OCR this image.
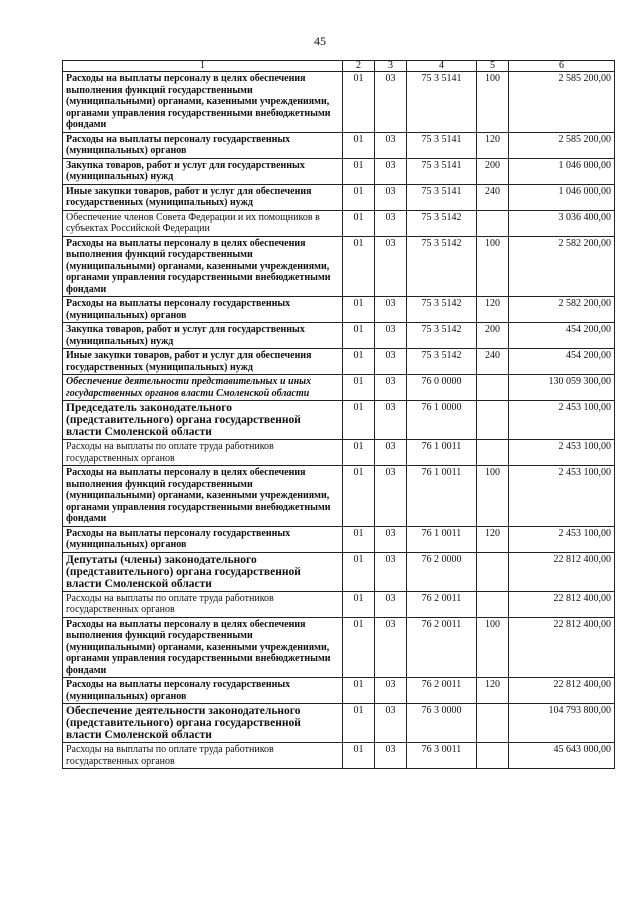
45
1	2	3	4	5	6
Расходы на выплаты персоналу в целях обеспечения выполнения функций государственными (муниципальными) органами, казенными учреждениями, органами управления государственными внебюджетными фондами	01	03	75 3 5141	100	2 585 200,00
Расходы на выплаты персоналу государственных (муниципальных) органов	01	03	75 3 5141	120	2 585 200,00
Закупка товаров, работ и услуг для государственных (муниципальных) нужд	01	03	75 3 5141	200	1 046 000,00
Иные закупки товаров, работ и услуг для обеспечения государственных (муниципальных) нужд	01	03	75 3 5141	240	1 046 000,00
Обеспечение членов Совета Федерации и их помощников в субъектах Российской Федерации	01	03	75 3 5142		3 036 400,00
Расходы на выплаты персоналу в целях обеспечения выполнения функций государственными (муниципальными) органами, казенными учреждениями, органами управления государственными внебюджетными фондами	01	03	75 3 5142	100	2 582 200,00
Расходы на выплаты персоналу государственных (муниципальных) органов	01	03	75 3 5142	120	2 582 200,00
Закупка товаров, работ и услуг для государственных (муниципальных) нужд	01	03	75 3 5142	200	454 200,00
Иные закупки товаров, работ и услуг для обеспечения государственных (муниципальных) нужд	01	03	75 3 5142	240	454 200,00
Обеспечение деятельности представительных и иных государственных органов власти Смоленской области	01	03	76 0 0000		130 059 300,00
Председатель законодательного (представительного) органа государственной власти Смоленской области	01	03	76 1 0000		2 453 100,00
Расходы на выплаты по оплате труда работников государственных органов	01	03	76 1 0011		2 453 100,00
Расходы на выплаты персоналу в целях обеспечения выполнения функций государственными (муниципальными) органами, казенными учреждениями, органами управления государственными внебюджетными фондами	01	03	76 1 0011	100	2 453 100,00
Расходы на выплаты персоналу государственных (муниципальных) органов	01	03	76 1 0011	120	2 453 100,00
Депутаты (члены) законодательного (представительного) органа государственной власти Смоленской области	01	03	76 2 0000		22 812 400,00
Расходы на выплаты по оплате труда работников государственных органов	01	03	76 2 0011		22 812 400,00
Расходы на выплаты персоналу в целях обеспечения выполнения функций государственными (муниципальными) органами, казенными учреждениями, органами управления государственными внебюджетными фондами	01	03	76 2 0011	100	22 812 400,00
Расходы на выплаты персоналу государственных (муниципальных) органов	01	03	76 2 0011	120	22 812 400,00
Обеспечение деятельности законодательного (представительного) органа государственной власти Смоленской области	01	03	76 3 0000		104 793 800,00
Расходы на выплаты по оплате труда работников государственных органов	01	03	76 3 0011		45 643 000,00
